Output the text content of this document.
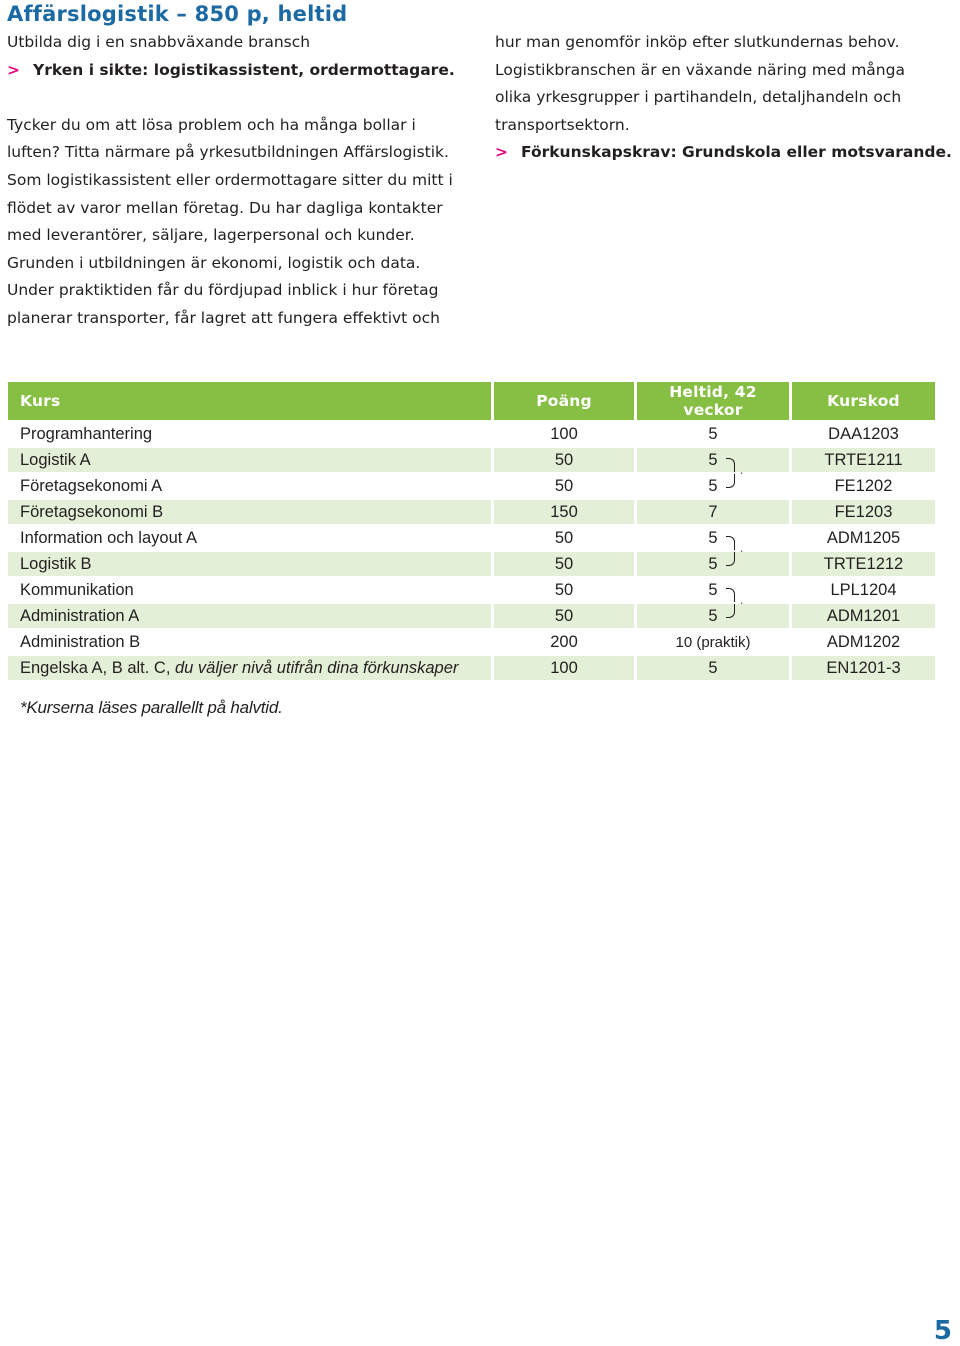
Affärslogistik – 850 p, heltid

Utbilda dig i en snabbväxande bransch

> Yrken i sikte: logistikassistent, ordermottagare.

Tycker du om att lösa problem och ha många bollar i

luften? Titta närmare på yrkesutbildningen Affärslogistik.

Som logistikassistent eller ordermottagare sitter du mitt i

flödet av varor mellan företag. Du har dagliga kontakter

med leverantörer, säljare, lagerpersonal och kunder.

Grunden i utbildningen är ekonomi, logistik och data.

Under praktiktiden får du fördjupad inblick i hur företag

planerar transporter, får lagret att fungera effektivt och

hur man genomför inköp efter slutkundernas behov.

Logistikbranschen är en växande näring med många

olika yrkesgrupper i partihandeln, detaljhandeln och

transportsektorn.

> Förkunskapskrav: Grundskola eller motsvarande.

Kurs	Poäng	Heltid, 42 veckor	Kurskod
Programhantering	100	5	DAA1203
Logistik A	50	5	TRTE1211
Företagsekonomi A	50	5	FE1202
Företagsekonomi B	150	7	FE1203
Information och layout A	50	5	ADM1205
Logistik B	50	5	TRTE1212
Kommunikation	50	5	LPL1204
Administration A	50	5	ADM1201
Administration B	200	10 (praktik)	ADM1202
Engelska A, B alt. C, du väljer nivå utifrån dina förkunskaper	100	5	EN1201-3
*Kurserna läses parallellt på halvtid.
5
